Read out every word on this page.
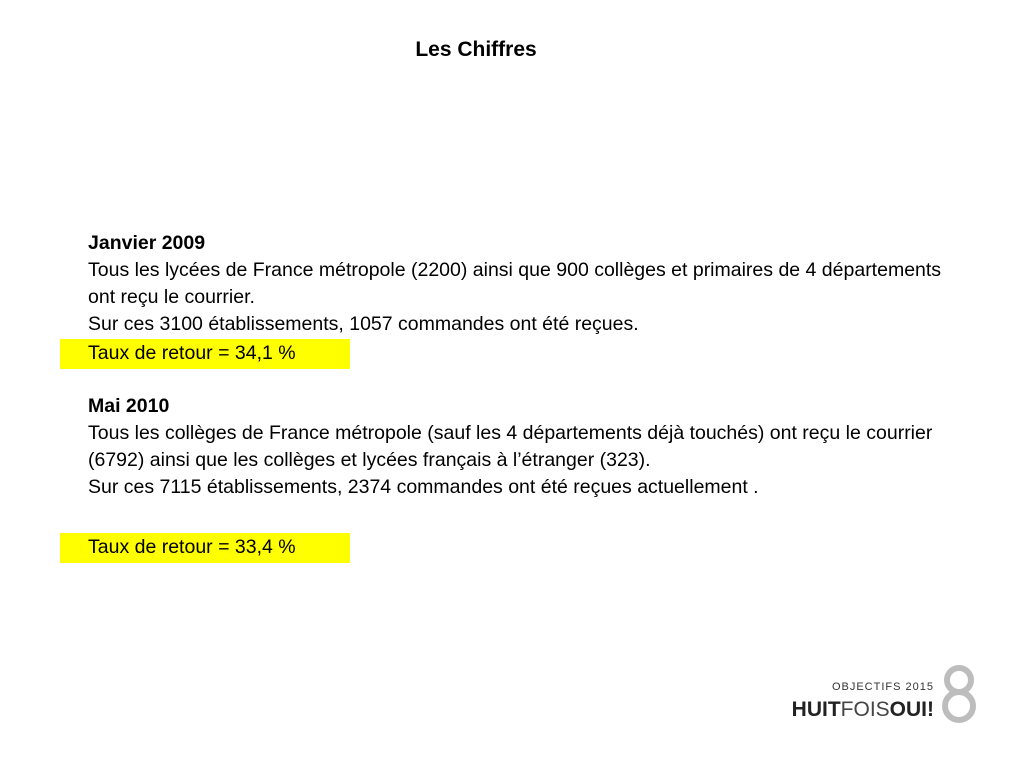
Les Chiffres
Janvier 2009

Tous les lycées de France métropole (2200) ainsi que 900 collèges et primaires de 4 départements ont reçu le courrier.

Sur ces 3100 établissements, 1057 commandes ont été reçues.

Taux de retour = 34,1 %
Mai 2010

Tous les collèges de France métropole (sauf les 4 départements déjà touchés) ont reçu le courrier (6792) ainsi que les collèges et lycées français à l’étranger (323).

Sur ces 7115 établissements, 2374 commandes ont été reçues actuellement .

Taux de retour = 33,4 %
OBJECTIFS 2015
HUITFOISOUI!
